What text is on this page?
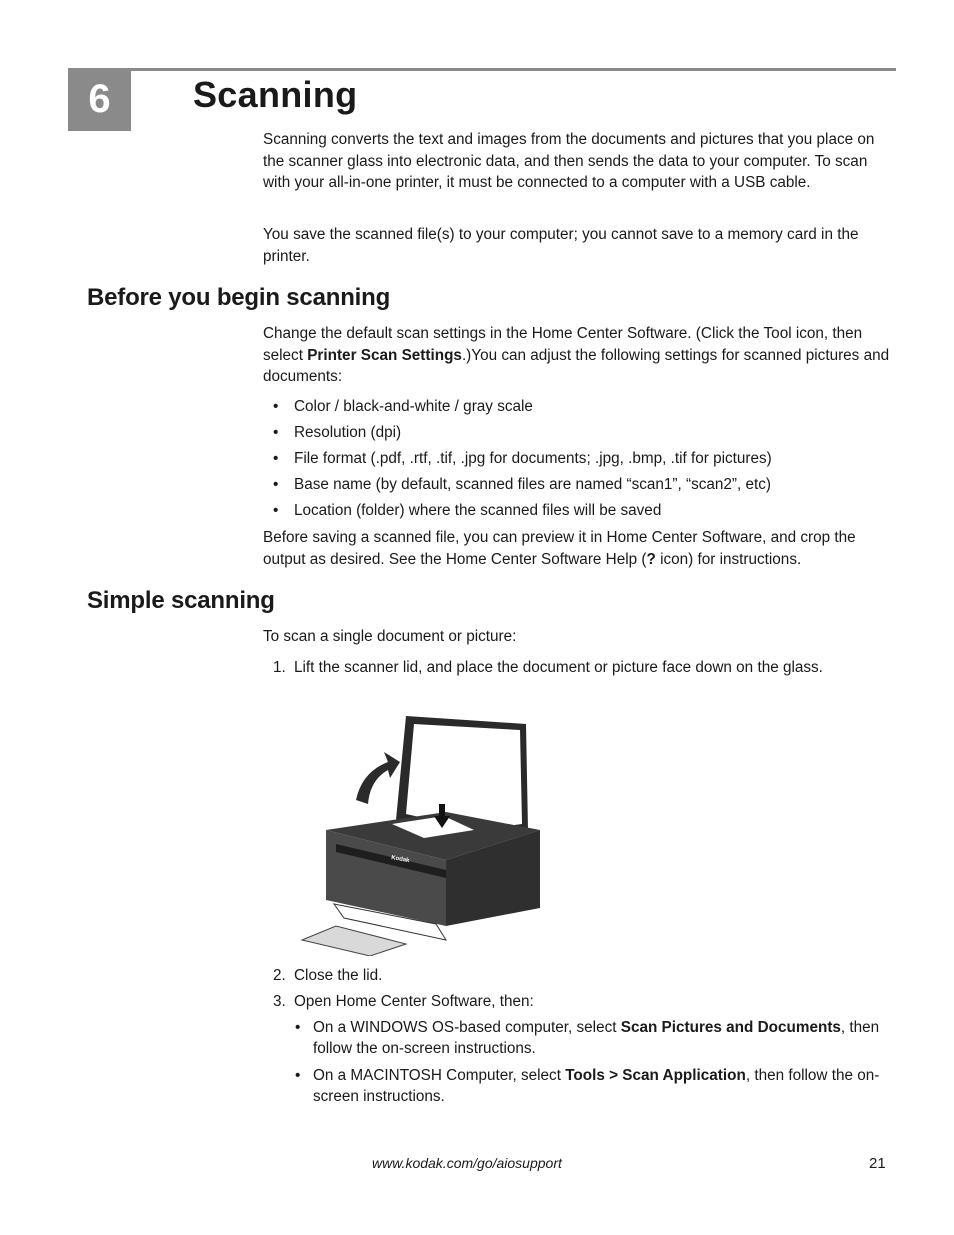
6 Scanning

Scanning converts the text and images from the documents and pictures that you place on the scanner glass into electronic data, and then sends the data to your computer. To scan with your all-in-one printer, it must be connected to a computer with a USB cable.

You save the scanned file(s) to your computer; you cannot save to a memory card in the printer.

Before you begin scanning

Change the default scan settings in the Home Center Software. (Click the Tool icon, then select Printer Scan Settings.)You can adjust the following settings for scanned pictures and documents:

• Color / black-and-white / gray scale
• Resolution (dpi)
• File format (.pdf, .rtf, .tif, .jpg for documents; .jpg, .bmp, .tif for pictures)
• Base name (by default, scanned files are named “scan1”, “scan2”, etc)
• Location (folder) where the scanned files will be saved

Before saving a scanned file, you can preview it in Home Center Software, and crop the output as desired. See the Home Center Software Help (? icon) for instructions.

Simple scanning

To scan a single document or picture:

1. Lift the scanner lid, and place the document or picture face down on the glass.
Kodak
2. Close the lid.
3. Open Home Center Software, then:
• On a WINDOWS OS-based computer, select Scan Pictures and Documents, then follow the on-screen instructions.
• On a MACINTOSH Computer, select Tools > Scan Application, then follow the on-screen instructions.
www.kodak.com/go/aiosupport	21
